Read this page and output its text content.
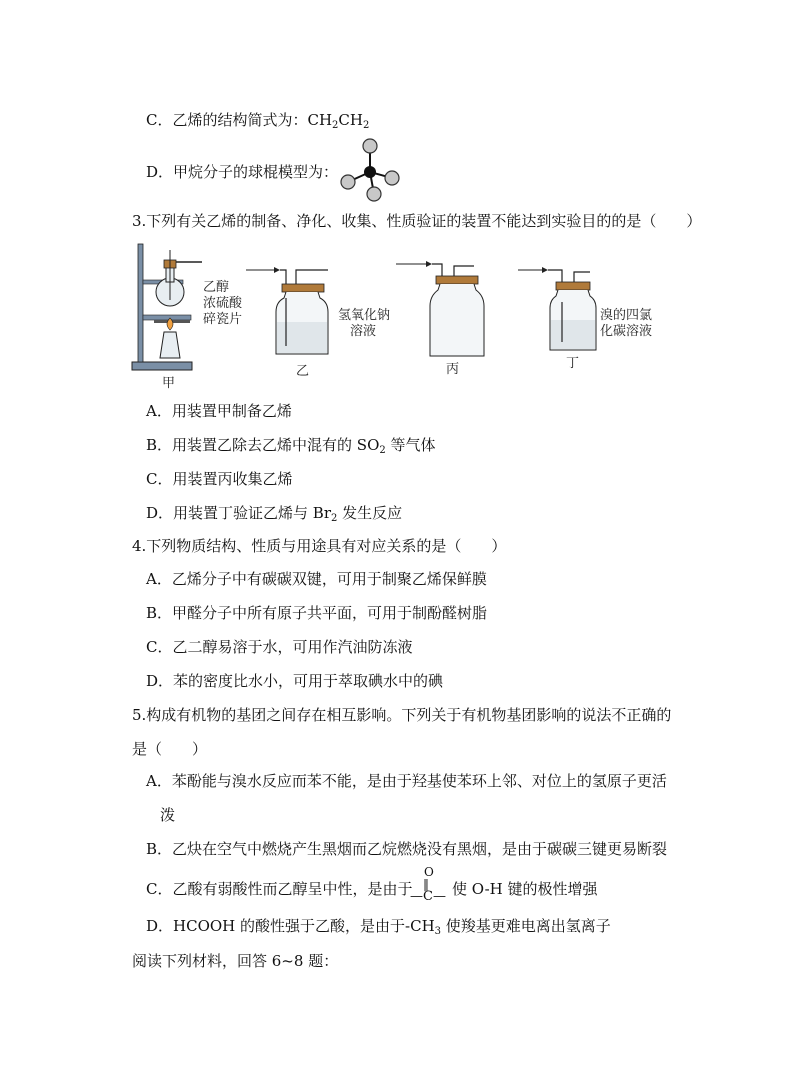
C．乙烯的结构简式为：$CH_2CH_2$
D．甲烷分子的球棍模型为：
3.下列有关乙烯的制备、净化、收集、性质验证的装置不能达到实验目的的是（　　）
乙醇
浓硫酸
碎瓷片
甲
氢氧化钠
溶液
乙	丙
溴的四氯
化碳溶液
丁
A．用装置甲制备乙烯
B．用装置乙除去乙烯中混有的 $SO_2$ 等气体
C．用装置丙收集乙烯
D．用装置丁验证乙烯与 $Br_2$ 发生反应
4.下列物质结构、性质与用途具有对应关系的是（　　）
A．乙烯分子中有碳碳双键，可用于制聚乙烯保鲜膜
B．甲醛分子中所有原子共平面，可用于制酚醛树脂
C．乙二醇易溶于水，可用作汽油防冻液
D．苯的密度比水小，可用于萃取碘水中的碘
5.构成有机物的基团之间存在相互影响。下列关于有机物基团影响的说法不正确的
是（　　）
A．苯酚能与溴水反应而苯不能，是由于羟基使苯环上邻、对位上的氢原子更活
泼
B．乙炔在空气中燃烧产生黑烟而乙烷燃烧没有黑烟，是由于碳碳三键更易断裂
C．乙酸有弱酸性而乙醇呈中性，是由于
O
‖
—C— 使 O-H 键的极性增强
D．HCOOH 的酸性强于乙酸，是由于$-CH_3$ 使羧基更难电离出氢离子
阅读下列材料，回答 6~8 题：
